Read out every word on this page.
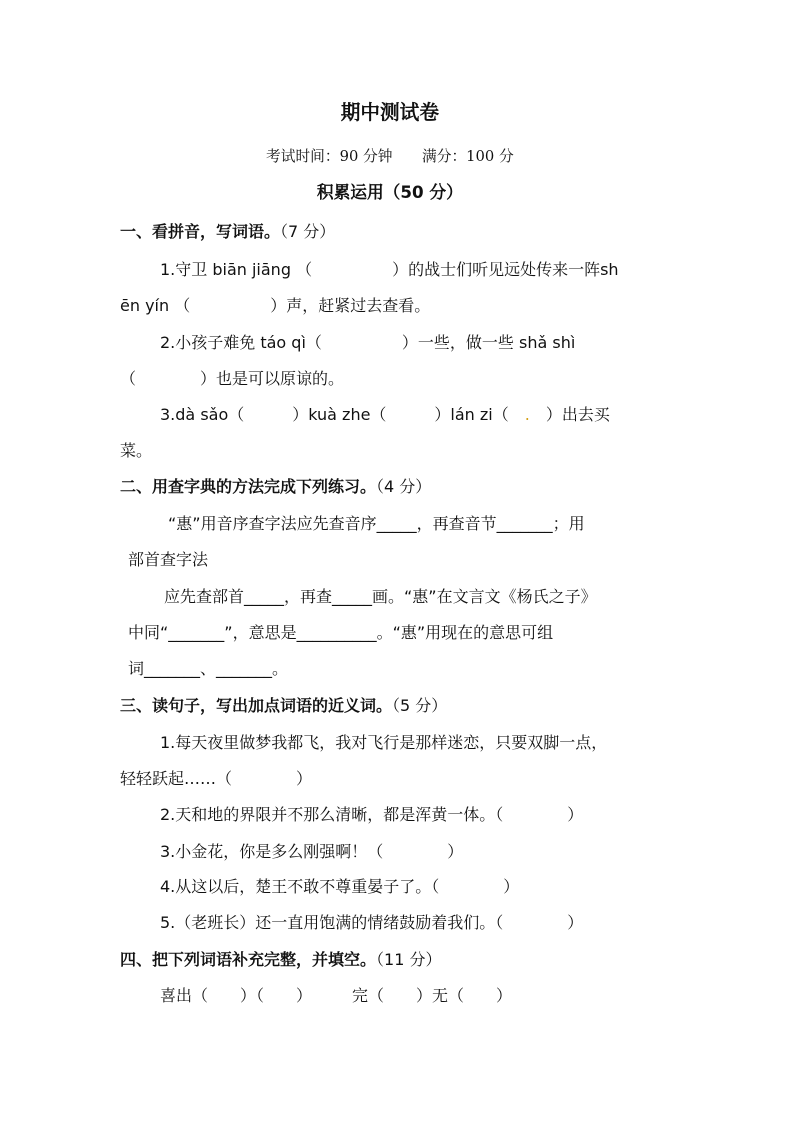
期中测试卷
考试时间：90 分钟 满分：100 分
积累运用（50 分）
一、看拼音，写词语。（7 分）
1.守卫 biān jiāng （　　　　　）的战士们听见远处传来一阵sh
ēn yín （　　　　　）声，赶紧过去查看。
2.小孩子难免 táo qì（　　　　　）一些，做一些 shǎ shì
（　　　　）也是可以原谅的。
3.dà sǎo（　　　）kuà zhe（　　　）lán zi（　.　）出去买
菜。
二、用查字典的方法完成下列练习。（4 分）
“惠”用音序查字法应先查音序_____，再查音节_______；用
部首查字法
应先查部首_____，再查_____画。“惠”在文言文《杨氏之子》
中同“_______”，意思是__________。“惠”用现在的意思可组
词_______、_______。
三、读句子，写出加点词语的近义词。（5 分）
1.每天夜里做梦我都飞，我对飞行是那样迷恋，只要双脚一点，
轻轻跃起……（　　　　）
2.天和地的界限并不那么清晰，都是浑黄一体。（　　　　）
3.小金花，你是多么刚强啊！（　　　　）
4.从这以后，楚王不敢不尊重晏子了。（　　　　）
5.（老班长）还一直用饱满的情绪鼓励着我们。（　　　　）
四、把下列词语补充完整，并填空。（11 分）
喜出（　　）（　　）　　　完（　　）无（　　）
